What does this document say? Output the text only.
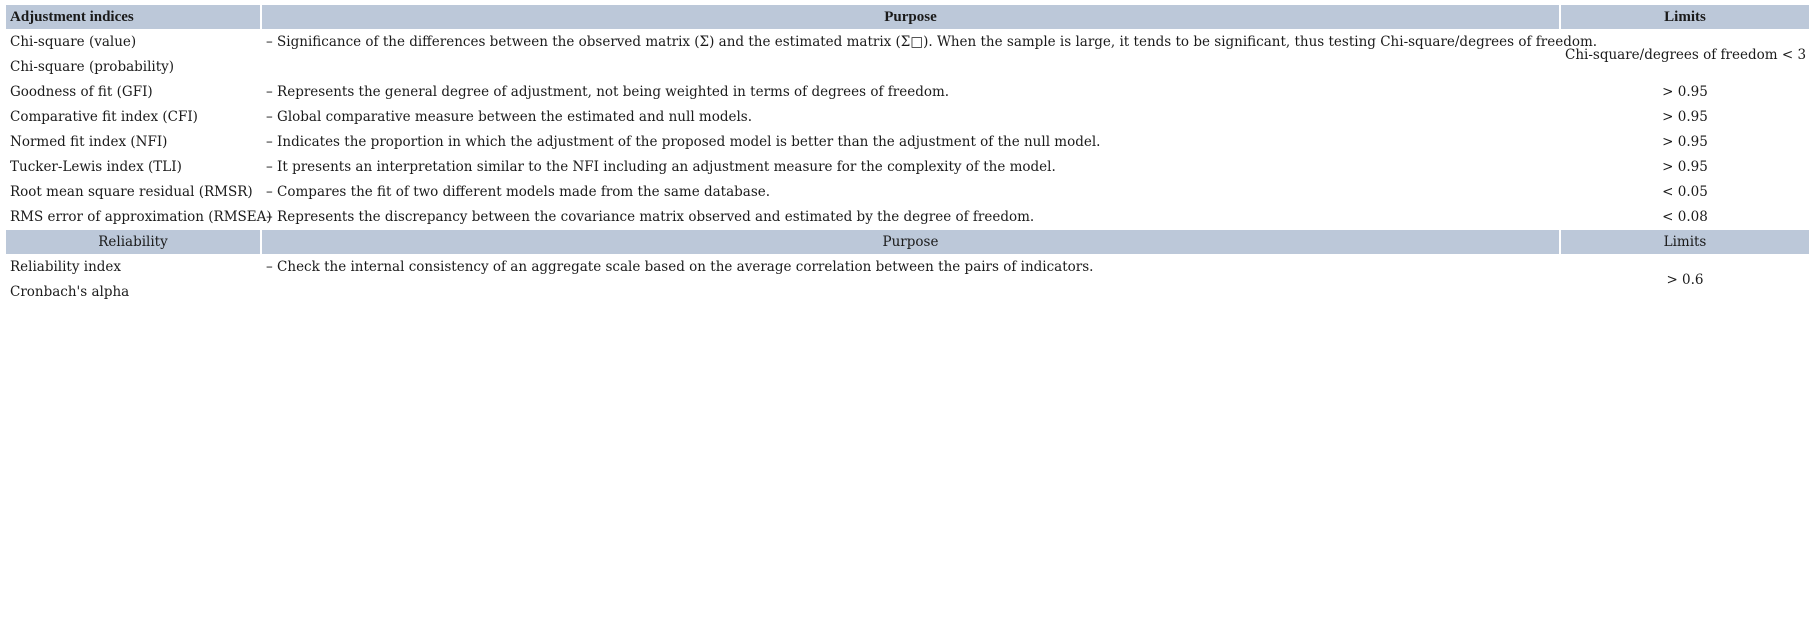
Adjustment indices	Purpose	Limits
Chi-square (value)	– Significance of the differences between the observed matrix (Σ) and the estimated matrix (Σ□). When the sample is large, it tends to be significant, thus testing Chi-square/degrees of freedom.	Chi-square/degrees of freedom < 3
Chi-square (probability)		
Goodness of fit (GFI)	– Represents the general degree of adjustment, not being weighted in terms of degrees of freedom.	> 0.95
Comparative fit index (CFI)	– Global comparative measure between the estimated and null models.	> 0.95
Normed fit index (NFI)	– Indicates the proportion in which the adjustment of the proposed model is better than the adjustment of the null model.	> 0.95
Tucker-Lewis index (TLI)	– It presents an interpretation similar to the NFI including an adjustment measure for the complexity of the model.	> 0.95
Root mean square residual (RMSR)	– Compares the fit of two different models made from the same database.	< 0.05
RMS error of approximation (RMSEA)	– Represents the discrepancy between the covariance matrix observed and estimated by the degree of freedom.	< 0.08
Reliability	Purpose	Limits
Reliability index	– Check the internal consistency of an aggregate scale based on the average correlation between the pairs of indicators.	> 0.6
Cronbach's alpha		
